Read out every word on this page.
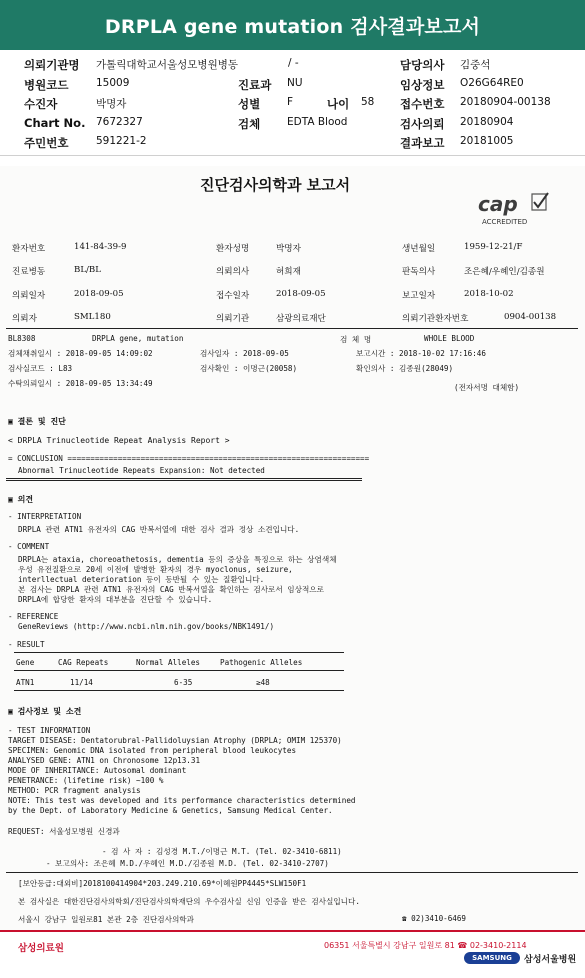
DRPLA gene mutation 검사결과보고서
의뢰기관명 가톨릭대학교서울성모병원병동	/ -	담당의사 김중석
병원코드	15009	진료과 NU	임상정보 O26G64RE0
수진자	박명자	성별	F	나이 58 접수번호 20180904-00138
Chart No. 7672327	검체	EDTA Blood	검사의뢰 20180904
주민번호	591221-2	결과보고 20181005
진단검사의학과 보고서
cap
ACCREDITED
환자번호	141-84-39-9	환자성명	박명자	생년월일	1959-12-21/F
진료병동	BL/BL	의뢰의사	허희재	판독의사	조은혜/우혜인/김종원
의뢰일자	2018-09-05	접수일자	2018-09-05	보고일자	2018-10-02
의뢰자	SML180	의뢰기관	삼광의료재단	의뢰기관환자번호	0904-00138
BL8308	DRPLA gene, mutation	검 체 명	WHOLE BLOOD
검체채취일시 : 2018-09-05 14:09:02	검사일자 : 2018-09-05	보고시간 : 2018-10-02 17:16:46
검사실코드 : L83	검사확인 : 이명근(20058)	확인의사 : 김종원(28049)
수탁의뢰일시 : 2018-09-05 13:34:49	(전자서명 대체함)
▣ 결론 및 진단
< DRPLA Trinucleotide Repeat Analysis Report >
= CONCLUSION ==================================================================
Abnormal Trinucleotide Repeats Expansion: Not detected
▣ 의견
- INTERPRETATION
DRPLA 관련 ATN1 유전자의 CAG 반복서열에 대한 검사 결과 정상 소견입니다.
- COMMENT
DRPLA는 ataxia, choreoathetosis, dementia 등의 증상을 특징으로 하는 상염색체
우성 유전질환으로 20세 이전에 발병한 환자의 경우 myoclonus, seizure,
interllectual deterioration 등이 동반될 수 있는 질환입니다.
본 검사는 DRPLA 관련 ATN1 유전자의 CAG 반복서열을 확인하는 검사로서 임상적으로
DRPLA에 합당한 환자의 대부분을 진단할 수 있습니다.
- REFERENCE
GeneReviews (http://www.ncbi.nlm.nih.gov/books/NBK1491/)
- RESULT
Gene	CAG Repeats	Normal Alleles	Pathogenic Alleles
ATN1	11/14	6-35	≥48
▣ 검사정보 및 소견
- TEST INFORMATION
TARGET DISEASE: Dentatorubral-Pallidoluysian Atrophy (DRPLA; OMIM 125370)
SPECIMEN: Genomic DNA isolated from peripheral blood leukocytes
ANALYSED GENE: ATN1 on Chronosome 12p13.31
MODE OF INHERITANCE: Autosomal dominant
PENETRANCE: (lifetime risk) ~100 %
METHOD: PCR fragment analysis
NOTE: This test was developed and its performance characteristics determined
by the Dept. of Laboratory Medicine & Genetics, Samsung Medical Center.
REQUEST: 서울성모병원 신경과
- 검 사 자 : 김성경 M.T./이명근 M.T. (Tel. 02-3410-6811)
- 보고의사: 조은혜 M.D./우혜인 M.D./김종원 M.D. (Tel. 02-3410-2707)
[보안등급:대외비]2018100414904*203.249.210.69*이혜원PP4445*SLW150F1
본 검사실은 대한진단검사의학회/진단검사의학재단의 우수검사실 신임 인증을 받은 검사실입니다.
서울시 강남구 일원로81 본관 2층 진단검사의학과	☎ 02)3410-6469
삼성의료원	06351 서울특별시 강남구 일원로 81 ☎ 02-3410-2114
SAMSUNG 삼성서울병원
